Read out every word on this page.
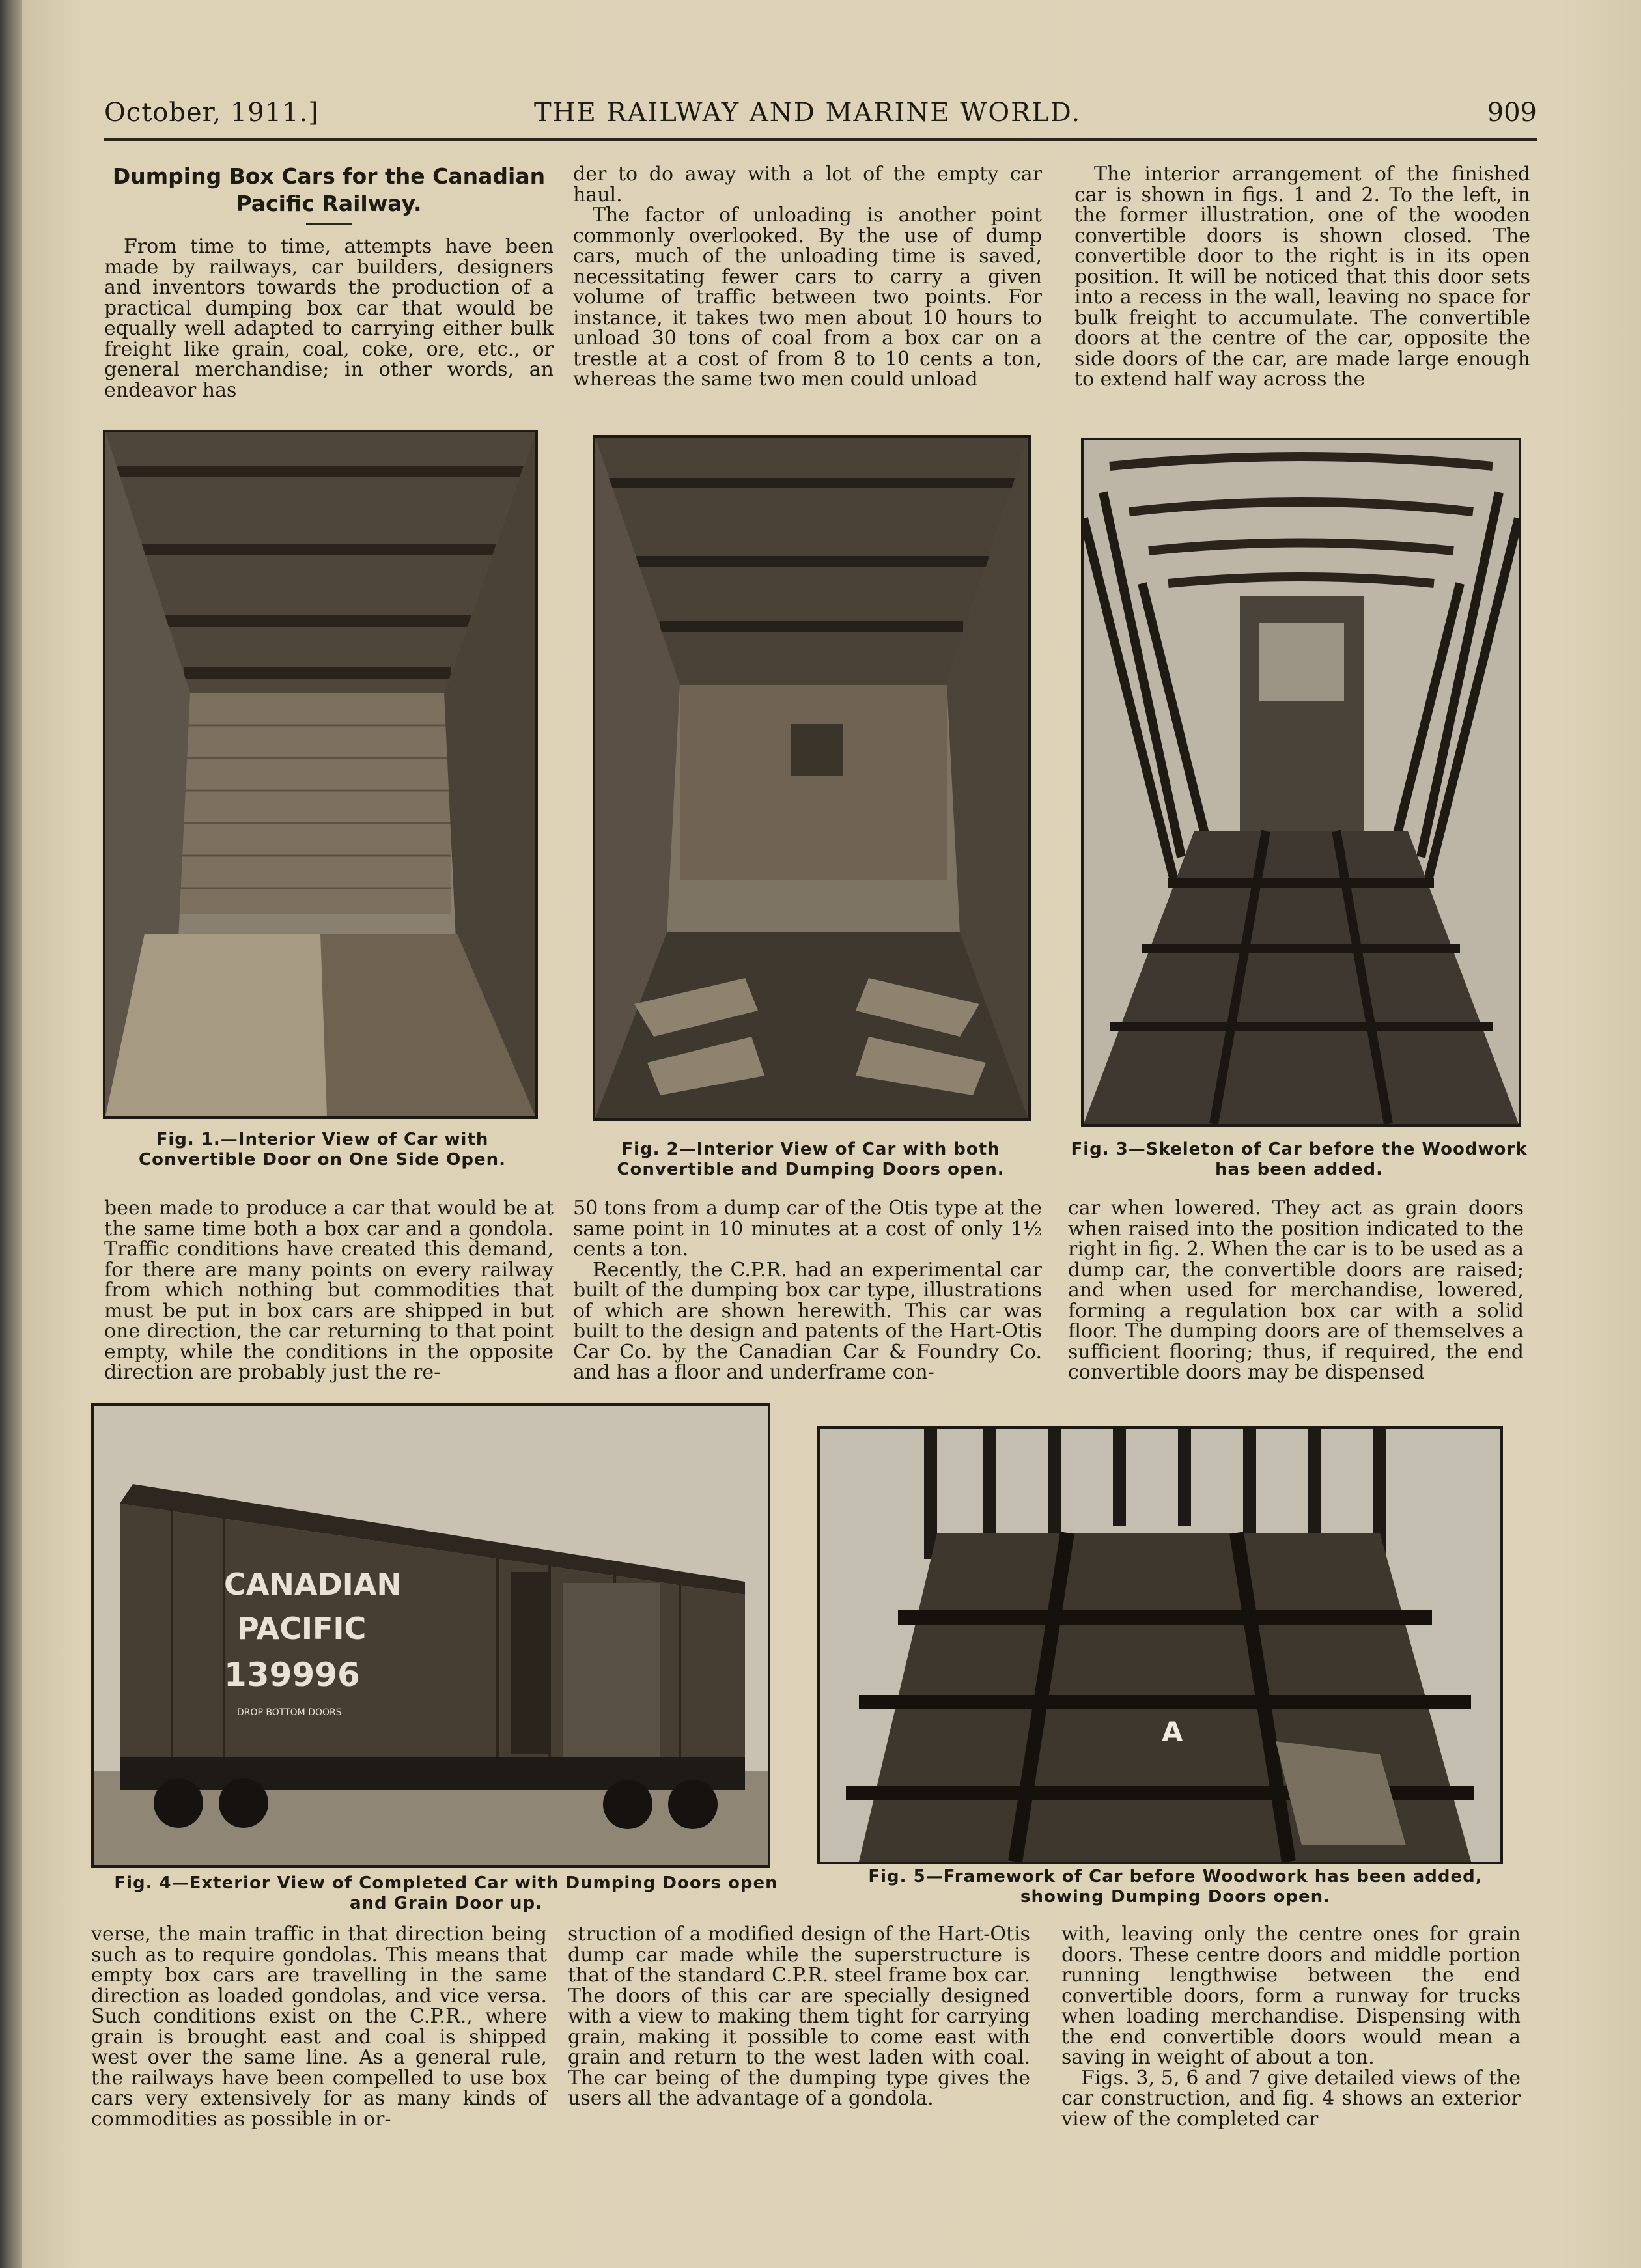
October, 1911.]	THE RAILWAY AND MARINE WORLD.	909
Dumping Box Cars for the Canadian Pacific Railway.

From time to time, attempts have been made by railways, car builders, designers and inventors towards the production of a practical dumping box car that would be equally well adapted to carrying either bulk freight like grain, coal, coke, ore, etc., or general merchandise; in other words, an endeavor has

der to do away with a lot of the empty car haul.

The factor of unloading is another point commonly overlooked. By the use of dump cars, much of the unloading time is saved, necessitating fewer cars to carry a given volume of traffic between two points. For instance, it takes two men about 10 hours to unload 30 tons of coal from a box car on a trestle at a cost of from 8 to 10 cents a ton, whereas the same two men could unload

The interior arrangement of the finished car is shown in figs. 1 and 2. To the left, in the former illustration, one of the wooden convertible doors is shown closed. The convertible door to the right is in its open position. It will be noticed that this door sets into a recess in the wall, leaving no space for bulk freight to accumulate. The convertible doors at the centre of the car, opposite the side doors of the car, are made large enough to extend half way across the

Fig. 1.—Interior View of Car with Convertible Door on One Side Open.
Fig. 2—Interior View of Car with both Convertible and Dumping Doors open.
Fig. 3—Skeleton of Car before the Woodwork has been added.

been made to produce a car that would be at the same time both a box car and a gondola. Traffic conditions have created this demand, for there are many points on every railway from which nothing but commodities that must be put in box cars are shipped in but one direction, the car returning to that point empty, while the conditions in the opposite direction are probably just the re-

50 tons from a dump car of the Otis type at the same point in 10 minutes at a cost of only 1½ cents a ton.

Recently, the C.P.R. had an experimental car built of the dumping box car type, illustrations of which are shown herewith. This car was built to the design and patents of the Hart-Otis Car Co. by the Canadian Car & Foundry Co. and has a floor and underframe con-

car when lowered. They act as grain doors when raised into the position indicated to the right in fig. 2. When the car is to be used as a dump car, the convertible doors are raised; and when used for merchandise, lowered, forming a regulation box car with a solid floor. The dumping doors are of themselves a sufficient flooring; thus, if required, the end convertible doors may be dispensed

CANADIAN
PACIFIC
139996
DROP BOTTOM DOORS
Fig. 4—Exterior View of Completed Car with Dumping Doors open and Grain Door up.
A
Fig. 5—Framework of Car before Woodwork has been added, showing Dumping Doors open.

verse, the main traffic in that direction being such as to require gondolas. This means that empty box cars are travelling in the same direction as loaded gondolas, and vice versa. Such conditions exist on the C.P.R., where grain is brought east and coal is shipped west over the same line. As a general rule, the railways have been compelled to use box cars very extensively for as many kinds of commodities as possible in or-

struction of a modified design of the Hart-Otis dump car made while the superstructure is that of the standard C.P.R. steel frame box car. The doors of this car are specially designed with a view to making them tight for carrying grain, making it possible to come east with grain and return to the west laden with coal. The car being of the dumping type gives the users all the advantage of a gondola.

with, leaving only the centre ones for grain doors. These centre doors and middle portion running lengthwise between the end convertible doors, form a runway for trucks when loading merchandise. Dispensing with the end convertible doors would mean a saving in weight of about a ton.

Figs. 3, 5, 6 and 7 give detailed views of the car construction, and fig. 4 shows an exterior view of the completed car
